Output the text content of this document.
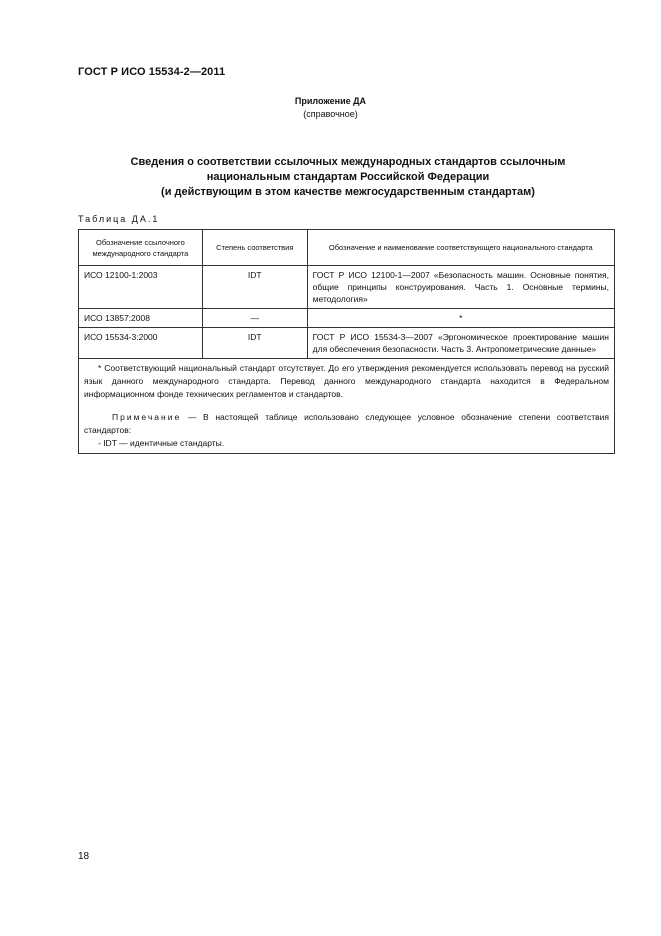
ГОСТ Р ИСО 15534-2—2011
Приложение ДА
(справочное)
Сведения о соответствии ссылочных международных стандартов ссылочным
национальным стандартам Российской Федерации
(и действующим в этом качестве межгосударственным стандартам)
Таблица ДА.1
Обозначение ссылочного международного стандарта	Степень соответствия	Обозначение и наименование соответствующего национального стандарта
ИСО 12100-1:2003	IDT	ГОСТ Р ИСО 12100-1—2007 «Безопасность машин. Основные понятия, общие принципы конструирования. Часть 1. Основные термины, методология»
ИСО 13857:2008	—	*
ИСО 15534-3:2000	IDT	ГОСТ Р ИСО 15534-3—2007 «Эргономическое проектирование машин для обеспечения безопасности. Часть 3. Антропометрические данные»

* Соответствующий национальный стандарт отсутствует. До его утверждения рекомендуется использовать перевод на русский язык данного международного стандарта. Перевод данного международного стандарта находится в Федеральном информационном фонде технических регламентов и стандартов.
Примечание — В настоящей таблице использовано следующее условное обозначение степени соответствия стандартов:
- IDT — идентичные стандарты.		
18
